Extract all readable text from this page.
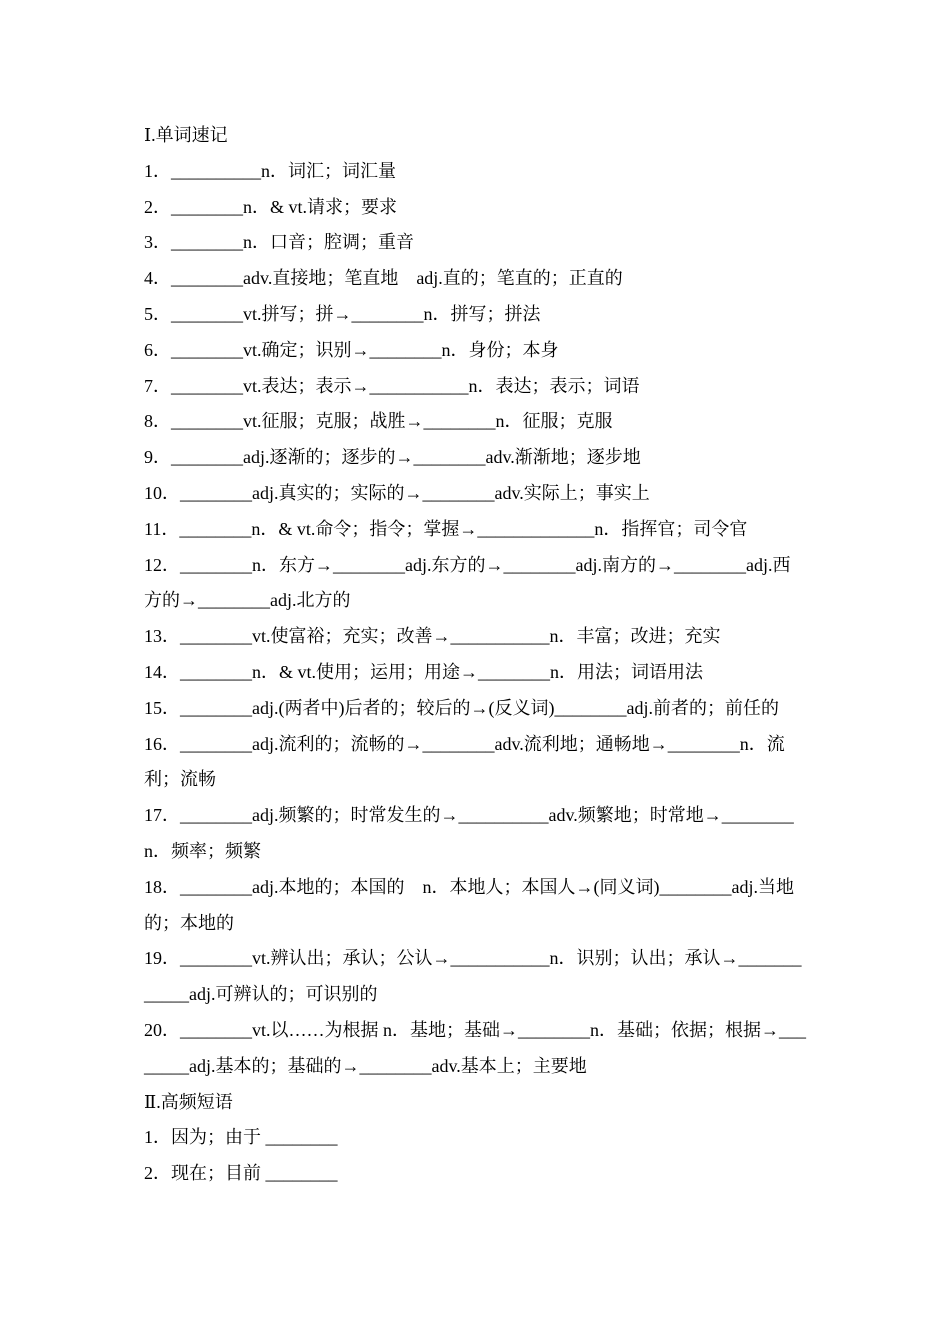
Ⅰ.单词速记
1．__________n．词汇；词汇量
2．________n．& vt.请求；要求
3．________n．口音；腔调；重音
4．________adv.直接地；笔直地　adj.直的；笔直的；正直的
5．________vt.拼写；拼→________n．拼写；拼法
6．________vt.确定；识别→________n．身份；本身
7．________vt.表达；表示→___________n．表达；表示；词语
8．________vt.征服；克服；战胜→________n．征服；克服
9．________adj.逐渐的；逐步的→________adv.渐渐地；逐步地
10．________adj.真实的；实际的→________adv.实际上；事实上
11．________n．& vt.命令；指令；掌握→_____________n．指挥官；司令官
12．________n．东方→________adj.东方的→________adj.南方的→________adj.西方的→________adj.北方的
13．________vt.使富裕；充实；改善→___________n．丰富；改进；充实
14．________n．& vt.使用；运用；用途→________n．用法；词语用法
15．________adj.(两者中)后者的；较后的→(反义词)________adj.前者的；前任的
16．________adj.流利的；流畅的→________adv.流利地；通畅地→________n．流利；流畅
17．________adj.频繁的；时常发生的→__________adv.频繁地；时常地→________n．频率；频繁
18．________adj.本地的；本国的　n．本地人；本国人→(同义词)________adj.当地的；本地的
19．________vt.辨认出；承认；公认→___________n．识别；认出；承认→____________adj.可辨认的；可识别的
20．________vt.以……为根据 n．基地；基础→________n．基础；依据；根据→________adj.基本的；基础的→________adv.基本上；主要地
Ⅱ.高频短语
1．因为；由于 ________
2．现在；目前 ________
